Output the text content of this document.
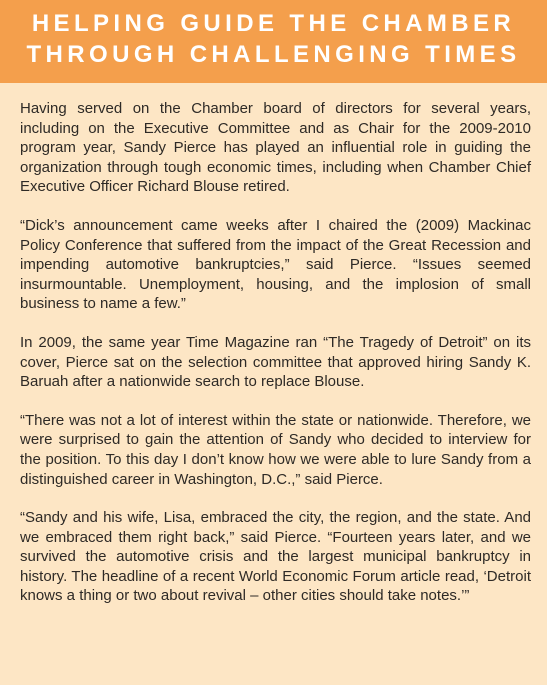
HELPING GUIDE THE CHAMBER
THROUGH CHALLENGING TIMES

Having served on the Chamber board of directors for several years, including on the Executive Committee and as Chair for the 2009-2010 program year, Sandy Pierce has played an influential role in guiding the organization through tough economic times, including when Chamber Chief Executive Officer Richard Blouse retired.

“Dick’s announcement came weeks after I chaired the (2009) Mackinac Policy Conference that suffered from the impact of the Great Recession and impending automotive bankruptcies,” said Pierce. “Issues seemed insurmountable. Unemployment, housing, and the implosion of small business to name a few.”

In 2009, the same year Time Magazine ran “The Tragedy of Detroit” on its cover, Pierce sat on the selection committee that approved hiring Sandy K. Baruah after a nationwide search to replace Blouse.

“There was not a lot of interest within the state or nationwide. Therefore, we were surprised to gain the attention of Sandy who decided to interview for the position. To this day I don’t know how we were able to lure Sandy from a distinguished career in Washington, D.C.,” said Pierce.

“Sandy and his wife, Lisa, embraced the city, the region, and the state. And we embraced them right back,” said Pierce. “Fourteen years later, and we survived the automotive crisis and the largest municipal bankruptcy in history. The headline of a recent World Economic Forum article read, ‘Detroit knows a thing or two about revival – other cities should take notes.’”
